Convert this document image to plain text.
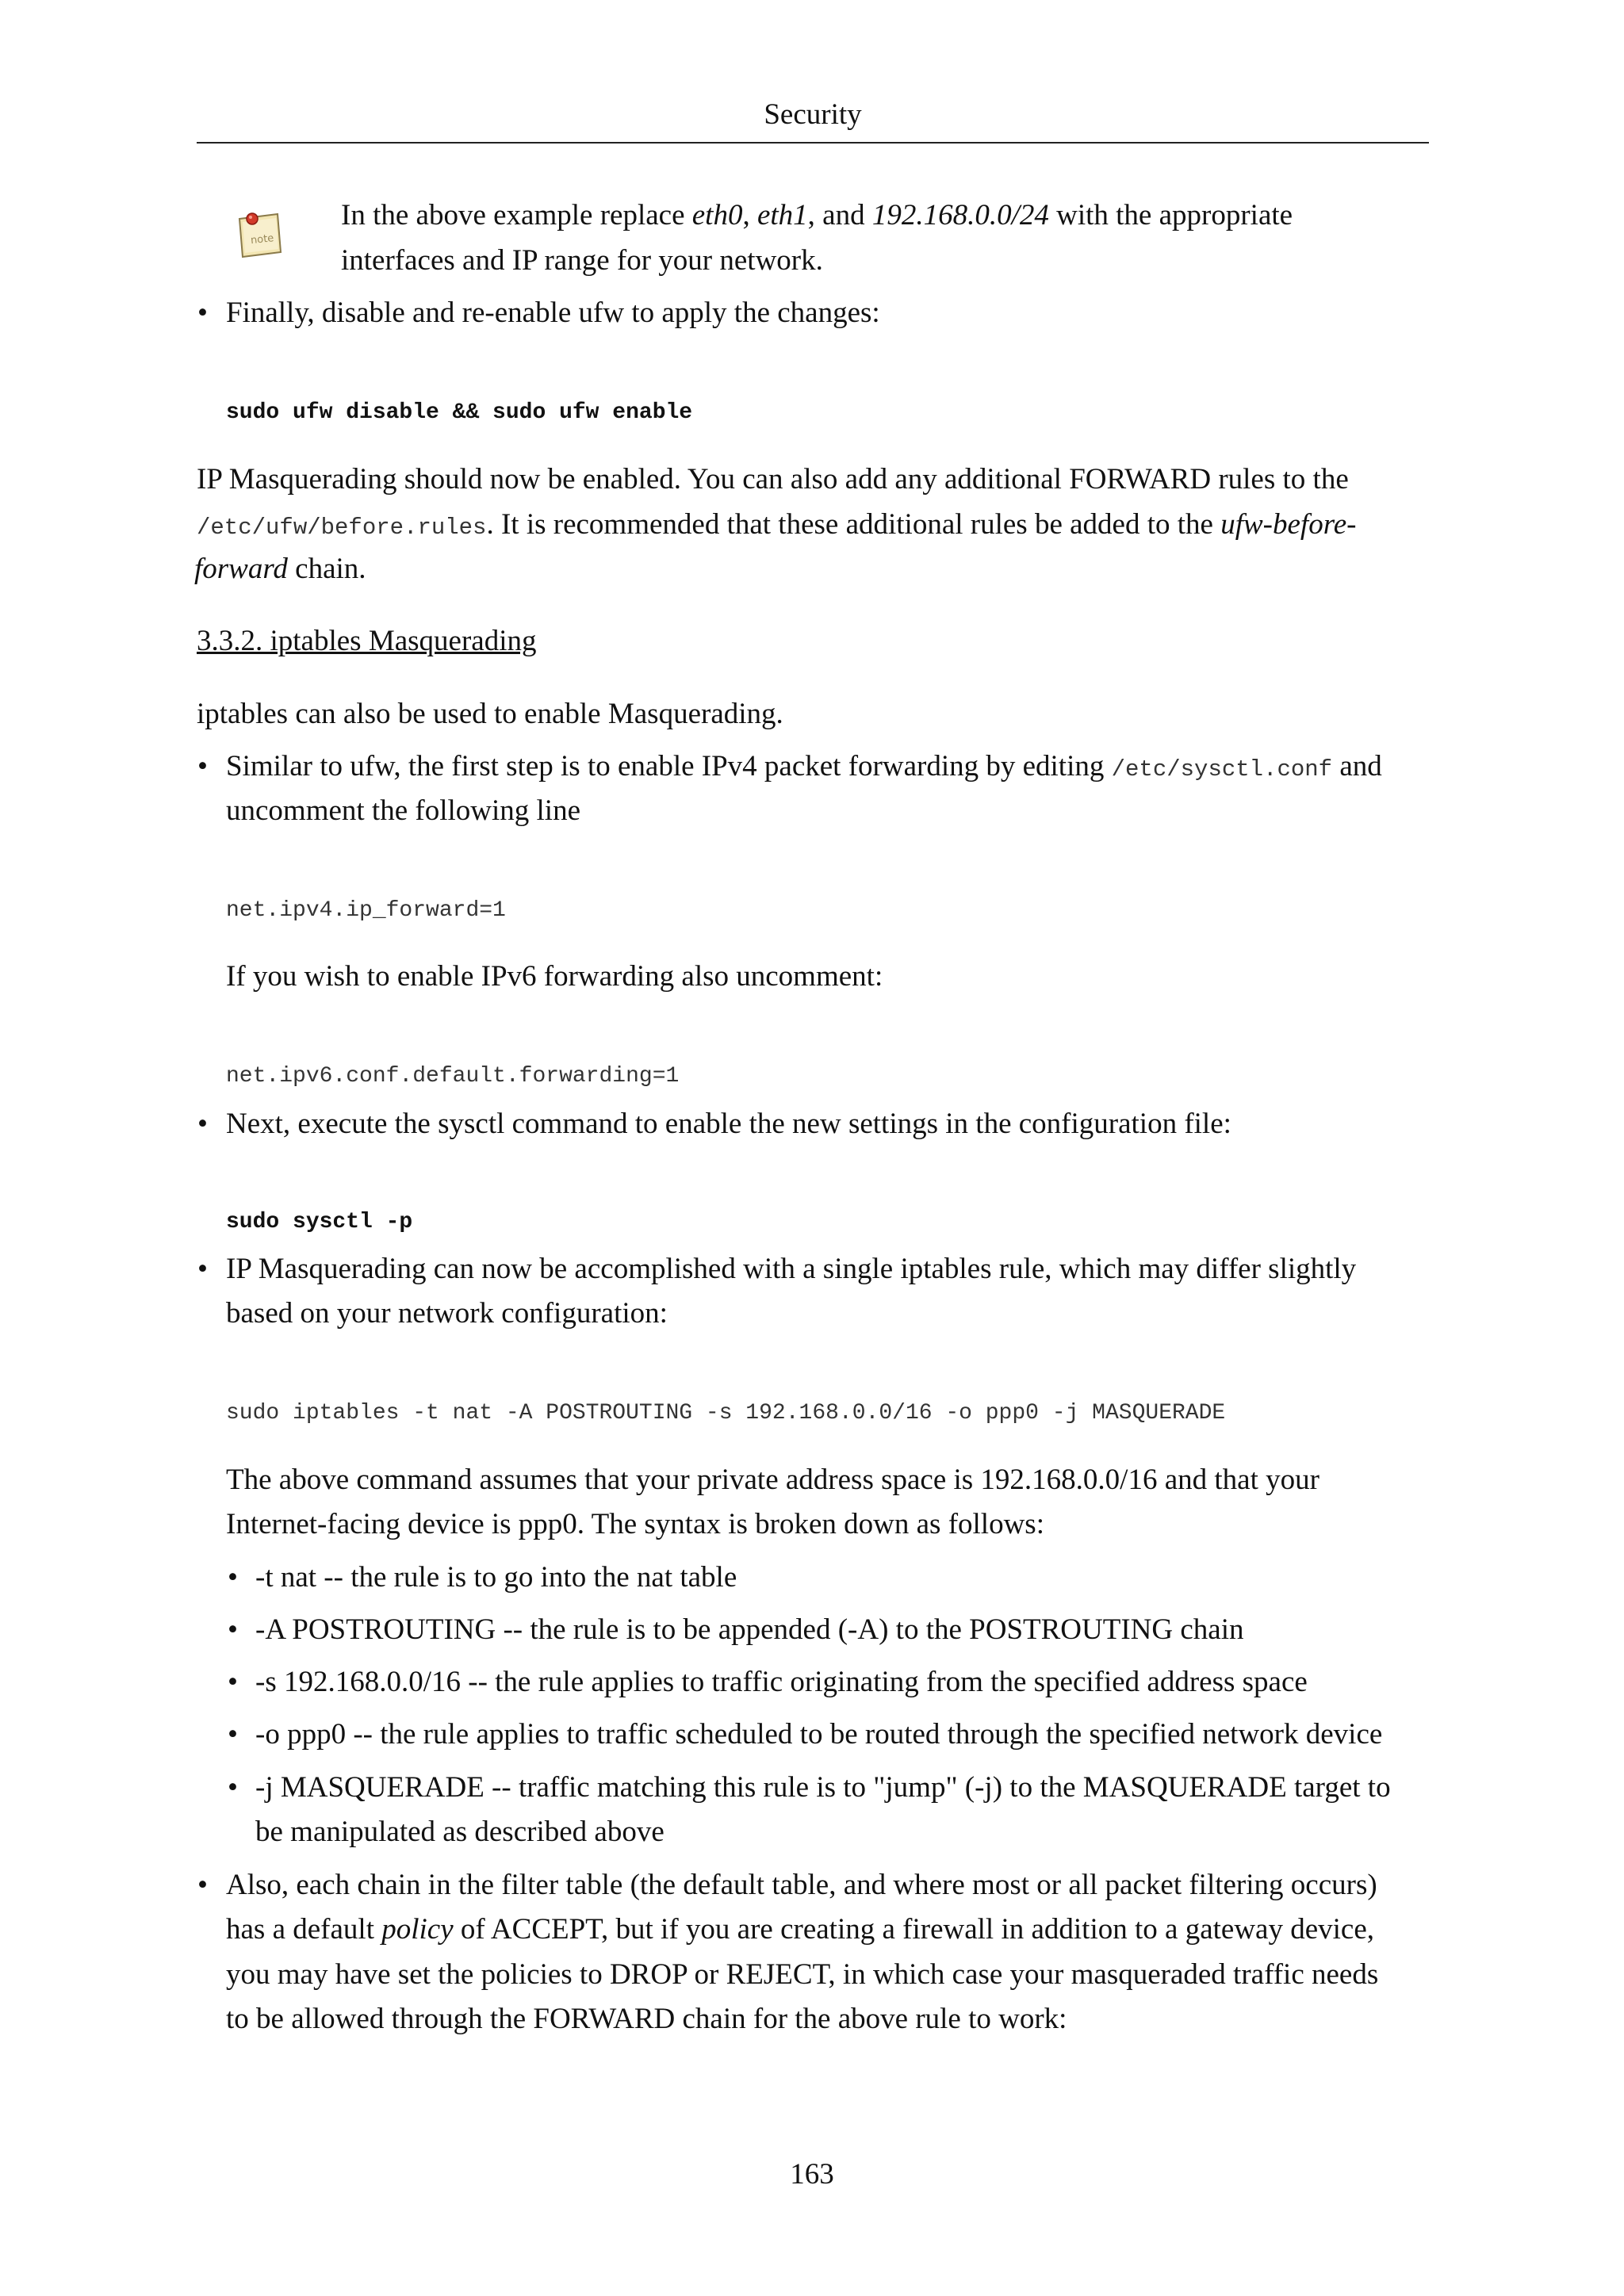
Security
note
In the above example replace eth0, eth1, and 192.168.0.0/24 with the appropriate
interfaces and IP range for your network.
• Finally, disable and re-enable ufw to apply the changes:
sudo ufw disable && sudo ufw enable
IP Masquerading should now be enabled. You can also add any additional FORWARD rules to the
/etc/ufw/before.rules. It is recommended that these additional rules be added to the ufw-before-
forward chain.
3.3.2. iptables Masquerading
iptables can also be used to enable Masquerading.
• Similar to ufw, the first step is to enable IPv4 packet forwarding by editing /etc/sysctl.conf and
uncomment the following line
net.ipv4.ip_forward=1
If you wish to enable IPv6 forwarding also uncomment:
net.ipv6.conf.default.forwarding=1
• Next, execute the sysctl command to enable the new settings in the configuration file:
sudo sysctl -p
• IP Masquerading can now be accomplished with a single iptables rule, which may differ slightly
based on your network configuration:
sudo iptables -t nat -A POSTROUTING -s 192.168.0.0/16 -o ppp0 -j MASQUERADE
The above command assumes that your private address space is 192.168.0.0/16 and that your
Internet-facing device is ppp0. The syntax is broken down as follows:
• -t nat -- the rule is to go into the nat table
• -A POSTROUTING -- the rule is to be appended (-A) to the POSTROUTING chain
• -s 192.168.0.0/16 -- the rule applies to traffic originating from the specified address space
• -o ppp0 -- the rule applies to traffic scheduled to be routed through the specified network device
• -j MASQUERADE -- traffic matching this rule is to "jump" (-j) to the MASQUERADE target to
be manipulated as described above
• Also, each chain in the filter table (the default table, and where most or all packet filtering occurs)
has a default policy of ACCEPT, but if you are creating a firewall in addition to a gateway device,
you may have set the policies to DROP or REJECT, in which case your masqueraded traffic needs
to be allowed through the FORWARD chain for the above rule to work:
163
